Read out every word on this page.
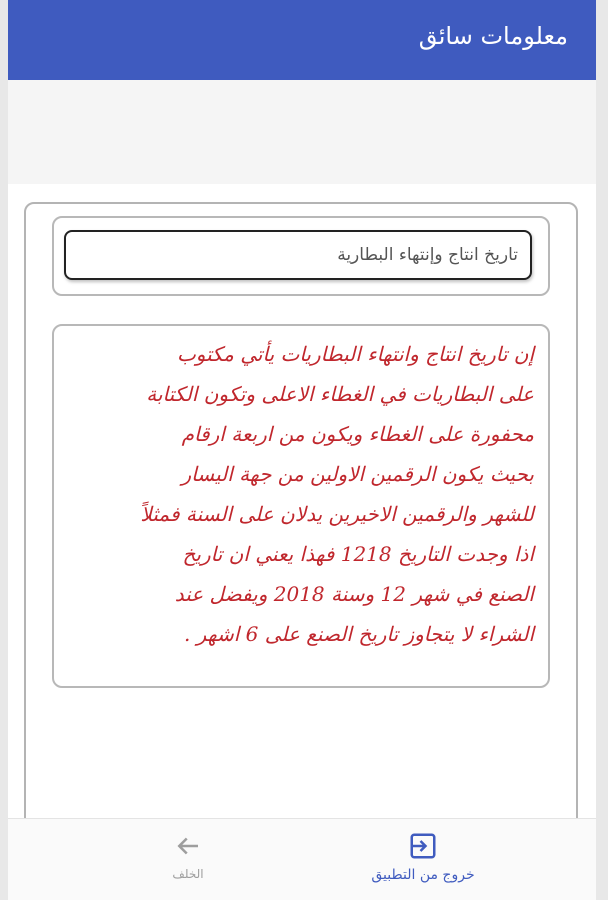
معلومات سائق
تاريخ انتاج وإنتهاء البطارية
إن تاريخ انتاج وانتهاء البطاريات يأتي مكتوب
على البطاريات في الغطاء الاعلى وتكون الكتابة
محفورة على الغطاء ويكون من اربعة ارقام
بحيث يكون الرقمين الاولين من جهة اليسار
للشهر والرقمين الاخيرين يدلان على السنة فمثلاً
اذا وجدت التاريخ 1218 فهذا يعني ان تاريخ
الصنع في شهر 12 وسنة 2018 ويفضل عند
الشراء لا يتجاوز تاريخ الصنع على 6 اشهر .
خروج من التطبيق
الخلف
